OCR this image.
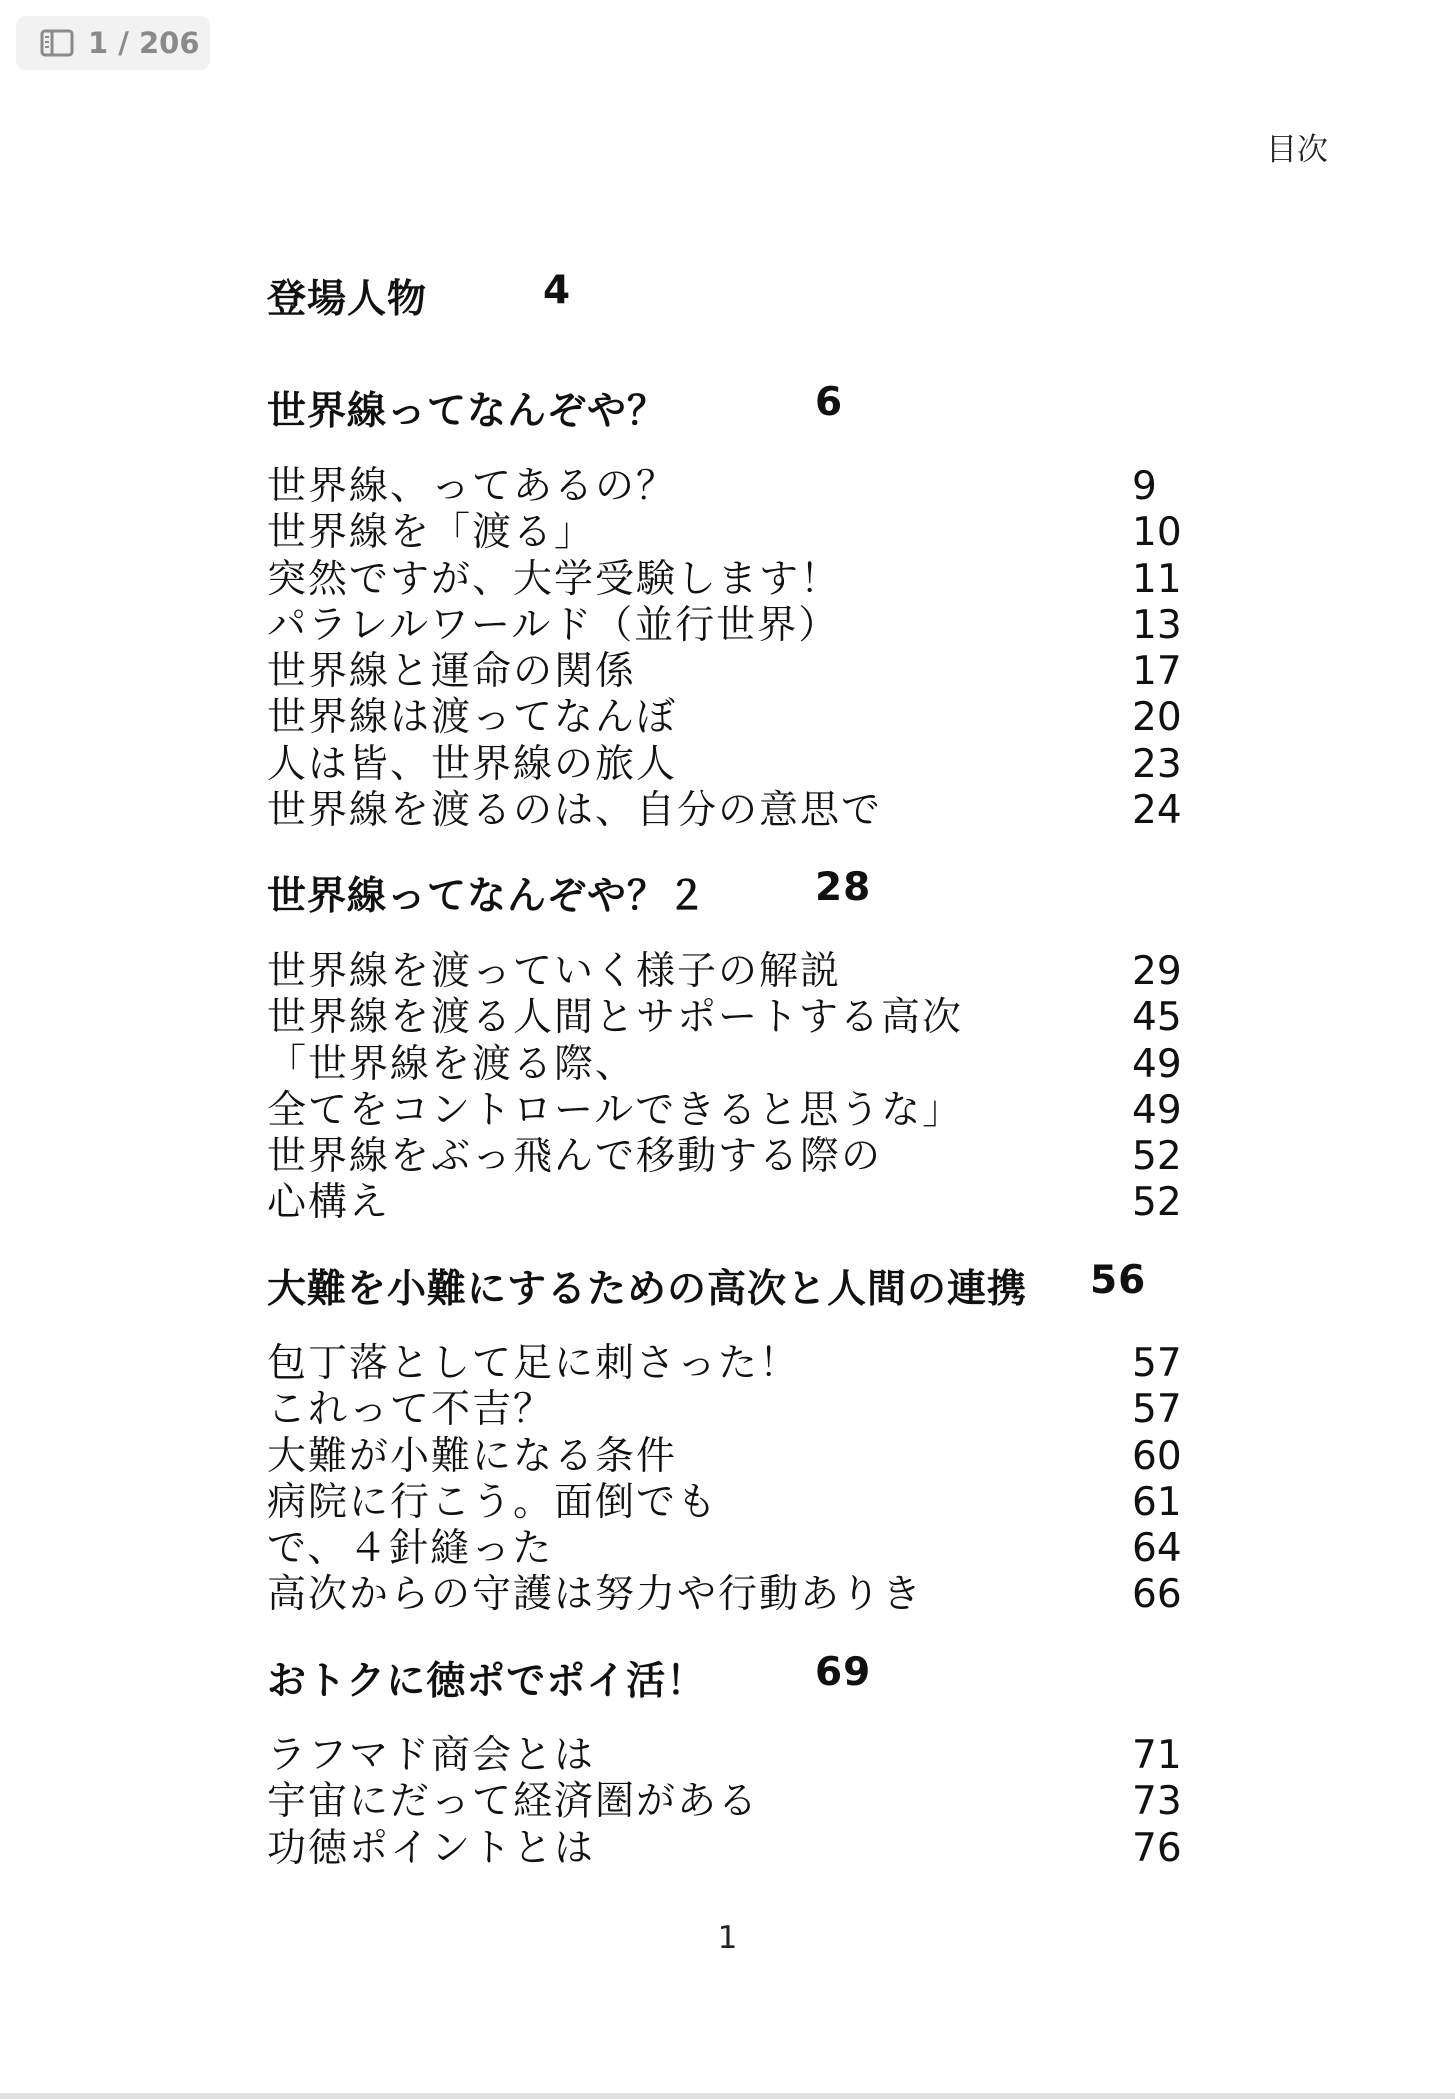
1 / 206
目次
登場人物	4
世界線ってなんぞや？	6
世界線、ってあるの？	9
世界線を「渡る」	10
突然ですが、大学受験します！	11
パラレルワールド（並行世界）	13
世界線と運命の関係	17
世界線は渡ってなんぼ	20
人は皆、世界線の旅人	23
世界線を渡るのは、自分の意思で	24
世界線ってなんぞや？２	28
世界線を渡っていく様子の解説	29
世界線を渡る人間とサポートする高次	45
「世界線を渡る際、	49
全てをコントロールできると思うな」	49
世界線をぶっ飛んで移動する際の	52
心構え	52
大難を小難にするための高次と人間の連携 56
包丁落として足に刺さった！	57
これって不吉？	57
大難が小難になる条件	60
病院に行こう。面倒でも	61
で、４針縫った	64
高次からの守護は努力や行動ありき	66
おトクに徳ポでポイ活！	69
ラフマド商会とは	71
宇宙にだって経済圏がある	73
功徳ポイントとは	76
1
